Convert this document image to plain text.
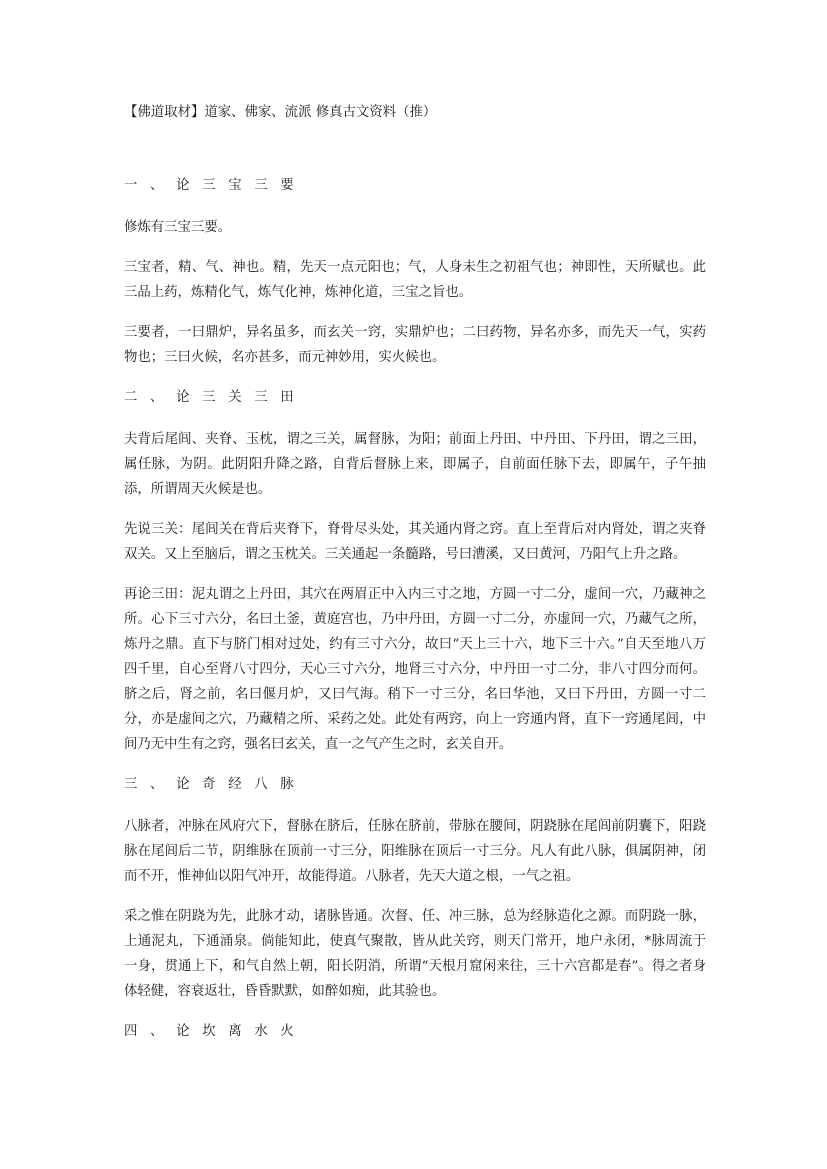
【佛道取材】道家、佛家、流派 修真古文资料（推）
一 、 论 三 宝 三 要

修炼有三宝三要。

三宝者，精、气、神也。精，先天一点元阳也；气，人身未生之初祖气也；神即性，天所赋也。此三品上药，炼精化气，炼气化神，炼神化道，三宝之旨也。

三要者，一曰鼎炉，异名虽多，而玄关一窍，实鼎炉也；二曰药物，异名亦多，而先天一气，实药物也；三曰火候，名亦甚多，而元神妙用，实火候也。

二 、 论 三 关 三 田

夫背后尾闾、夹脊、玉枕，谓之三关，属督脉，为阳；前面上丹田、中丹田、下丹田，谓之三田，属任脉，为阴。此阴阳升降之路，自背后督脉上来，即属子，自前面任脉下去，即属午，子午抽添，所谓周天火候是也。

先说三关：尾闾关在背后夹脊下，脊骨尽头处，其关通内肾之窍。直上至背后对内肾处，谓之夹脊双关。又上至脑后，谓之玉枕关。三关通起一条髓路，号曰漕溪，又曰黄河，乃阳气上升之路。

再论三田：泥丸谓之上丹田，其穴在两眉正中入内三寸之地，方圆一寸二分，虚间一穴，乃藏神之所。心下三寸六分，名曰土釜，黄庭宫也，乃中丹田，方圆一寸二分，亦虚间一穴，乃藏气之所，炼丹之鼎。直下与脐门相对过处，约有三寸六分，故曰“天上三十六，地下三十六。”自天至地八万四千里，自心至肾八寸四分，天心三寸六分，地肾三寸六分，中丹田一寸二分，非八寸四分而何。脐之后，肾之前，名曰偃月炉，又曰气海。稍下一寸三分，名曰华池，又曰下丹田，方圆一寸二分，亦是虚间之穴，乃藏精之所、采药之处。此处有两窍，向上一窍通内肾，直下一窍通尾闾，中间乃无中生有之窍，强名曰玄关，直一之气产生之时，玄关自开。

三 、 论 奇 经 八 脉

八脉者，冲脉在风府穴下，督脉在脐后，任脉在脐前，带脉在腰间，阴跷脉在尾闾前阴囊下，阳跷脉在尾闾后二节，阴维脉在顶前一寸三分，阳维脉在顶后一寸三分。凡人有此八脉，俱属阴神，闭而不开，惟神仙以阳气冲开，故能得道。八脉者，先天大道之根，一气之祖。

采之惟在阴跷为先，此脉才动，诸脉皆通。次督、任、冲三脉，总为经脉造化之源。而阴跷一脉，上通泥丸，下通涌泉。倘能知此，使真气聚散，皆从此关窍，则天门常开，地户永闭，*脉周流于一身，贯通上下，和气自然上朝，阳长阴消，所谓“天根月窟闲来往，三十六宫都是春”。得之者身体轻健，容衰返壮，昏昏默默，如醉如痴，此其验也。

四 、 论 坎 离 水 火
